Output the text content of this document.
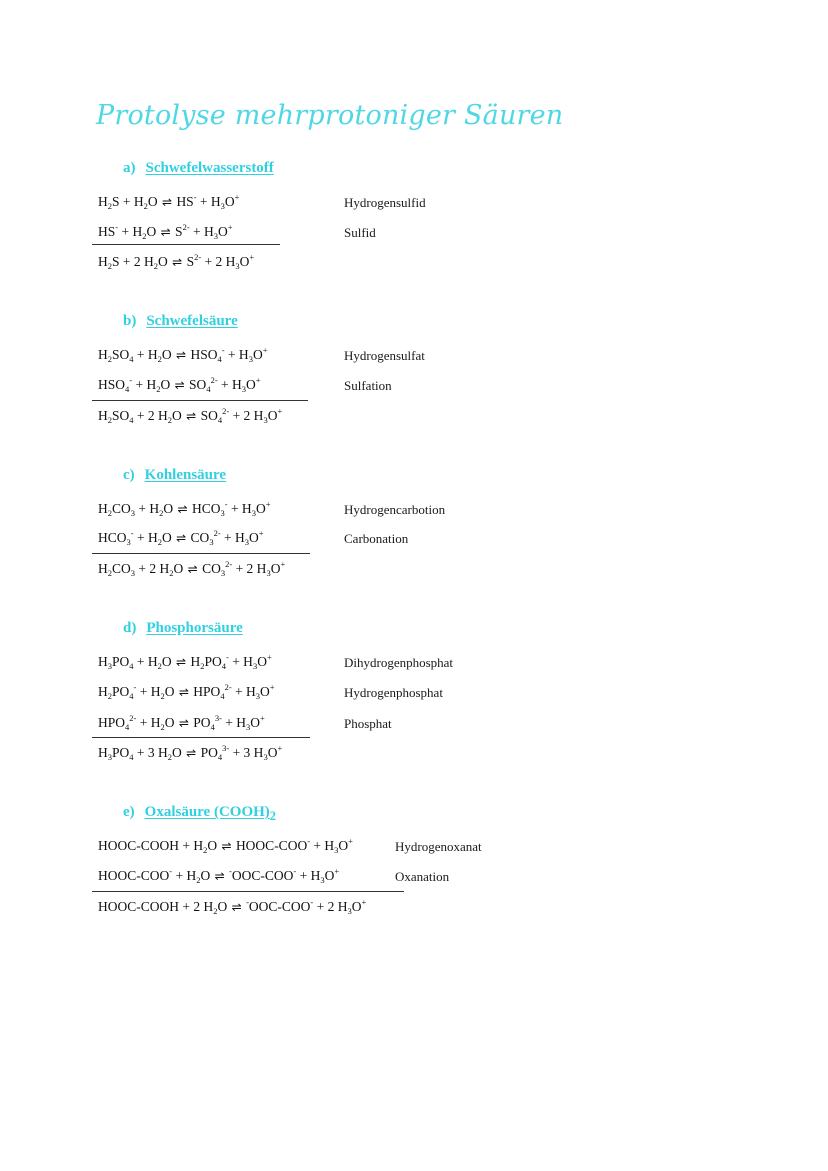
Protolyse mehrprotoniger Säuren
a) Schwefelwasserstoff
$H_2S + H_2O$ ⇌ $HS^- + H_3O^+$	Hydrogensulfid
$HS^- + H_2O$ ⇌ $S^{2-} + H_3O^+$	Sulfid
$H_2S + 2$ $H_2O$ ⇌ $S^{2-} + 2$ $H_3O^+$
b) Schwefelsäure
$H_2SO_4 + H_2O$ ⇌ $HSO_4^- + H_3O^+$	Hydrogensulfat
$HSO_4^- + H_2O$ ⇌ $SO_4^{2-} + H_3O^+$	Sulfation
$H_2SO_4 + 2$ $H_2O$ ⇌ $SO_4^{2-} + 2$ $H_3O^+$
c) Kohlensäure
$H_2CO_3 + H_2O$ ⇌ $HCO_3^- + H_3O^+$	Hydrogencarbotion
$HCO_3^- + H_2O$ ⇌ $CO_3^{2-} + H_3O^+$	Carbonation
$H_2CO_3 + 2$ $H_2O$ ⇌ $CO_3^{2-} + 2$ $H_3O^+$
d) Phosphorsäure
$H_3PO_4 + H_2O$ ⇌ $H_2PO_4^- + H_3O^+$	Dihydrogenphosphat
$H_2PO_4^- + H_2O$ ⇌ $HPO_4^{2-} + H_3O^+$	Hydrogenphosphat
$HPO_4^{2-} + H_2O$ ⇌ $PO_4^{3-} + H_3O^+$	Phosphat
$H_3PO_4 + 3$ $H_2O$ ⇌ $PO_4^{3-} + 3$ $H_3O^+$
e) Oxalsäure $(COOH)_2$
HOOC-COOH + $H_2O$ ⇌ HOOC-COO- + $H_3O^+$	Hydrogenoxanat
HOOC-COO- + $H_2O$ ⇌ $^-OOC-COO^- + H_3O^+$	Oxanation
HOOC-COOH + 2 $H_2O$ ⇌ -OOC-COO- + 2 $H_3O^+$
